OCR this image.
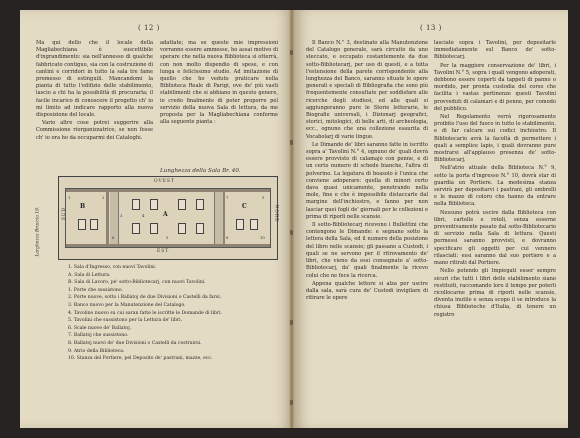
( 12 )

Ma qui dello che il locale della Magliabechiana è suscettibile d'ingrandimento: sia nell'annesso di qualche fabbricato contiguo, sia con la costruzione di cantini e corridori in tutto la sala tre fame premesso di estinguili. Mancandomi la pianta di tutto l'edifizio delle stabilimento, lascio a chi ha la possibilità di procurarla; il facile incarico di conoscere il progetto ch' io mi limito ad indicare rapporto alla nuova disposizione del locale.

Vario altre cose potrei suggerire alla Commissione riorganizzatrice, se non fosse ch' io ora ho da occuparmi dei Cataloghi.

adattate; ma se queste mie impressioni vorranno essere ammesse, ho assai motivo di sperare che nella nuova Biblioteca si otterrà, con non molto dispendio di spese, e con lunga e felicissimo studio. Ad imitazione di quello che ho veduto praticare nella Biblioteca Reale di Parigi, ove de' più vasti stabilimenti che si abbiano in questo genere, io credo finalmente di poter proporre pel servizio della nuova Sala di lettura, da me proposta per la Magliabechiana conforme alla seguente pianta :

Lunghezza della Sala Br. 40.
Larghezza Braccia 18.
OVEST
EST
SUD	NORD
B
A
C
1	2
3	4
5
6
7
8
9
10
1. Sala d'Ingresso, con nuovi Tavolini.
A. Sala di Lettura.
B. Sala di Lavoro, pe' sotto-Bibliotecarj, con nuovi Tavolini.
1. Porte che sussistono.
2. Porte nuove, sotto i Ballatoj de due Divisioni o Castelli da farsi.
3. Banco nuovo per la Manutenzione del Catalogo.
4. Tavolino nuovo su cui saran fatte le iscritte le Domande di libri.
5. Tavolini che sussistono per la Lettura de' libri.
6. Scale nuove de' Ballatoj.
7. Ballatoj che sussistono.
8. Ballatoj nuovi de' due Divisioni o Castelli da costruirsi.
9. Atrio della Biblioteca.
10. Stanza del Portiere, pel Deposito de' pastrani, mazze, ecc.
( 13 )

Il Banco N.° 3, destinato alla Manutenzione del Catalogo generale, sarà circuito da uno steccato, e occupato costantemente da due sotto-Bibliotecarj, per uso di questi, e a tutta l'estensione della parete corrispondente alla lunghezza del Banco, saranno situate le opere generali e speciali di Bibliografia che sono più frequentemente consultate per soddisfare alle ricerche degli studiosi, ed alle quali si aggiungeranno pure le Storie letterarie, le Biografie universali, i Dizionarj geografici, storici, mitologici, di belle arti, di archeologia, ecc., ognuno che una collezione esaurita di Vocabolarj di varie lingue.

Le Dimande de' libri saranno fatte in iscritto sopra a' Tavolini N.° 4, ognuno de' quali dovrà essere provvisto di calamajo con penne, e di un certo numero di schede bianche, l'altra di polverino. La legatura di beasolo è l'unica che conviene adoperare: quella di minori certo dava quasi unicamente, penetrando nella mole, fine e che è impossibile distaccarle dal margine dell'inchiostro, e fanno per non lasciar quei fogli de' giornali per le collezioni e prima di riporli nelle scansie.

Il sotto-Bibliotecarj ricevono i Bullettini che contengono le Dimande: e segnano sotto la lettera della Sala, ed il numero della posizione del libro nelle scansie; gli passano a Custodi, i quali se ne servono per il ritrovamento de' libri, che vieno da essi consegnato a' sotto-Bibliotecarj, da' quali finalmente la ricevo colui che ne fece la ricerca.

Appena qualche lettore si alza per uscire dalla sala, sarà cura de' Custodi invigilare di ritirare le opere

lasciate sopra i Tavolini, per depositarle immediatamente sul Banco de' sotto-Bibliotecarj.

Per la maggiore conservazione de' libri, i Tavolini N.° 5, sopra i quali vengono adoperati, debbono essere coperti da tappeti di panno o mordido, per pronta custodia del corso che facilita i vastas pertinenze questi Tavolini provveduti di calamari e di penne, per comodo del pubblico.

Nel Regolamento verrà rigorosamente proibito l'uso del fuoco in tutto lo stabilimento, e di far calcare sui codici inchiostro. Il Bibliotecario avrà la facoltà di permettere i quali a semplice lapis, i quali dovranno pure mostrarsi all'applauso presenza de' sotto-Bibliotecarj.

Nell'atrio attuale della Biblioteca N.° 9, sotto la porta d'ingresso N.° 10, dovrà star di guardia un Portiere. La medesima stanza servirà per depositarvi i pastrani, gli ombrelli e le mazze di coloro che hanno da entrare nella Biblioteca.

Nessuno potrà uscire dalla Biblioteca con libri, cartelle e rotoli, senza esserne preventivamente pasato dal sotto-Bibliotecario di servizio nella Sala di lettura. Questi permessi saranno provvisti, e dovranno specificare gli oggetti per cui vennero rilasciati: essi saranno dal suo portiere e a mano ritirati dal Portiere.

Nello potendo gli Impiegati esser sempre sicuri che tutti i libri delle stabilimento siano restituiti, raccomando loro il tempo per poterli ricollocarne prima di riporli nelle scansie, diventa inutile e senza scopo il se introduce la chiusa Biblioteche d'Italia, di tenere un registro
